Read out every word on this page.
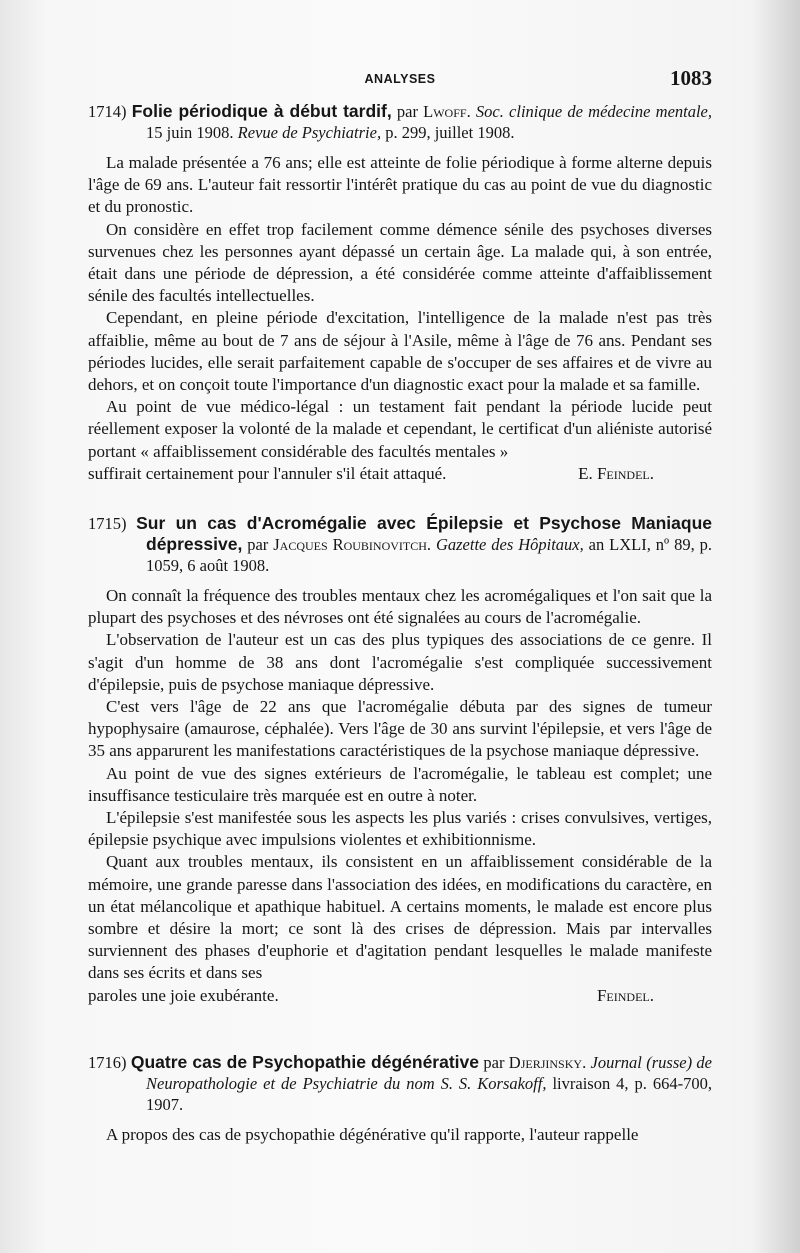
ANALYSES	1083
1714) Folie périodique à début tardif, par Lwoff. Soc. clinique de médecine mentale, 15 juin 1908. Revue de Psychiatrie, p. 299, juillet 1908.

La malade présentée a 76 ans; elle est atteinte de folie périodique à forme alterne depuis l'âge de 69 ans. L'auteur fait ressortir l'intérêt pratique du cas au point de vue du diagnostic et du pronostic.

On considère en effet trop facilement comme démence sénile des psychoses diverses survenues chez les personnes ayant dépassé un certain âge. La malade qui, à son entrée, était dans une période de dépression, a été considérée comme atteinte d'affaiblissement sénile des facultés intellectuelles.

Cependant, en pleine période d'excitation, l'intelligence de la malade n'est pas très affaiblie, même au bout de 7 ans de séjour à l'Asile, même à l'âge de 76 ans. Pendant ses périodes lucides, elle serait parfaitement capable de s'occuper de ses affaires et de vivre au dehors, et on conçoit toute l'importance d'un diagnostic exact pour la malade et sa famille.

Au point de vue médico-légal : un testament fait pendant la période lucide peut réellement exposer la volonté de la malade et cependant, le certificat d'un aliéniste autorisé portant « affaiblissement considérable des facultés mentales »

suffirait certainement pour l'annuler s'il était attaqué.	E. Feindel.
1715) Sur un cas d'Acromégalie avec Épilepsie et Psychose Maniaque dépressive, par Jacques Roubinovitch. Gazette des Hôpitaux, an LXLI, nº 89, p. 1059, 6 août 1908.

On connaît la fréquence des troubles mentaux chez les acromégaliques et l'on sait que la plupart des psychoses et des névroses ont été signalées au cours de l'acromégalie.

L'observation de l'auteur est un cas des plus typiques des associations de ce genre. Il s'agit d'un homme de 38 ans dont l'acromégalie s'est compliquée successivement d'épilepsie, puis de psychose maniaque dépressive.

C'est vers l'âge de 22 ans que l'acromégalie débuta par des signes de tumeur hypophysaire (amaurose, céphalée). Vers l'âge de 30 ans survint l'épilepsie, et vers l'âge de 35 ans apparurent les manifestations caractéristiques de la psychose maniaque dépressive.

Au point de vue des signes extérieurs de l'acromégalie, le tableau est complet; une insuffisance testiculaire très marquée est en outre à noter.

L'épilepsie s'est manifestée sous les aspects les plus variés : crises convulsives, vertiges, épilepsie psychique avec impulsions violentes et exhibitionnisme.

Quant aux troubles mentaux, ils consistent en un affaiblissement considérable de la mémoire, une grande paresse dans l'association des idées, en modifications du caractère, en un état mélancolique et apathique habituel. A certains moments, le malade est encore plus sombre et désire la mort; ce sont là des crises de dépression. Mais par intervalles surviennent des phases d'euphorie et d'agitation pendant lesquelles le malade manifeste dans ses écrits et dans ses

paroles une joie exubérante.	Feindel.
1716) Quatre cas de Psychopathie dégénérative par Djerjinsky. Journal (russe) de Neuropathologie et de Psychiatrie du nom S. S. Korsakoff, livraison 4, p. 664-700, 1907.

A propos des cas de psychopathie dégénérative qu'il rapporte, l'auteur rappelle
